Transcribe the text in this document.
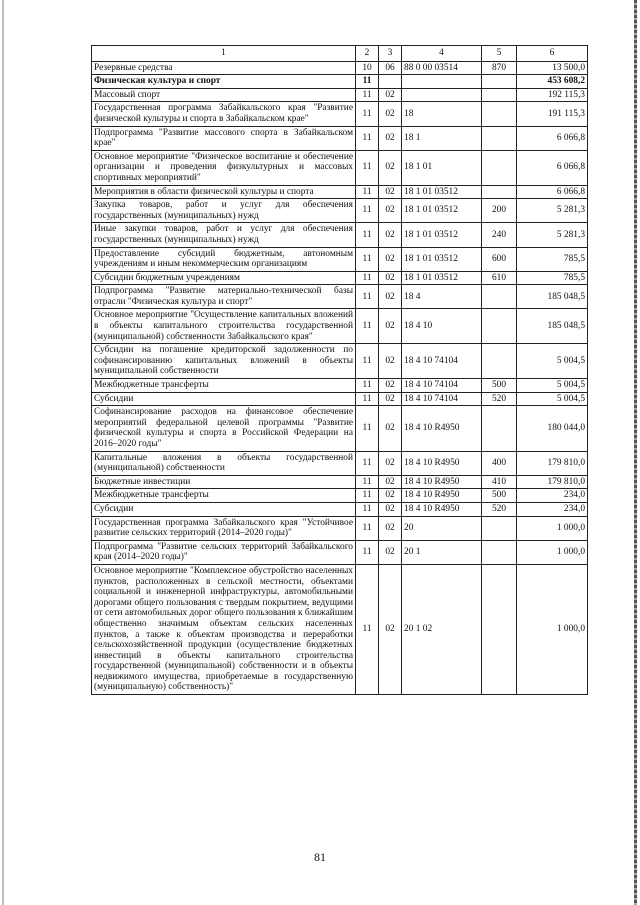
1	2	3	4	5	6
Резервные средства	10	06	88 0 00 03514	870	13 500,0
Физическая культура и спорт	11				453 608,2
Массовый спорт	11	02			192 115,3
Государственная программа Забайкальского края "Развитие физической культуры и спорта в Забайкальском крае"	11	02	18		191 115,3
Подпрограмма "Развитие массового спорта в Забайкальском крае"	11	02	18 1		6 066,8
Основное мероприятие "Физическое воспитание и обеспечение организации и проведения физкультурных и массовых спортивных мероприятий"	11	02	18 1 01		6 066,8
Мероприятия в области физической культуры и спорта	11	02	18 1 01 03512		6 066,8
Закупка товаров, работ и услуг для обеспечения государственных (муниципальных) нужд	11	02	18 1 01 03512	200	5 281,3
Иные закупки товаров, работ и услуг для обеспечения государственных (муниципальных) нужд	11	02	18 1 01 03512	240	5 281,3
Предоставление субсидий бюджетным, автономным учреждениям и иным некоммерческим организациям	11	02	18 1 01 03512	600	785,5
Субсидии бюджетным учреждениям	11	02	18 1 01 03512	610	785,5
Подпрограмма "Развитие материально-технической базы отрасли "Физическая культура и спорт"	11	02	18 4		185 048,5
Основное мероприятие "Осуществление капитальных вложений в объекты капитального строительства государственной (муниципальной) собственности Забайкальского края"	11	02	18 4 10		185 048,5
Субсидии на погашение кредиторской задолженности по софинансированию капитальных вложений в объекты муниципальной собственности	11	02	18 4 10 74104		5 004,5
Межбюджетные трансферты	11	02	18 4 10 74104	500	5 004,5
Субсидии	11	02	18 4 10 74104	520	5 004,5
Софинансирование расходов на финансовое обеспечение мероприятий федеральной целевой программы "Развитие физической культуры и спорта в Российской Федерации на 2016–2020 годы"	11	02	18 4 10 R4950		180 044,0
Капитальные вложения в объекты государственной (муниципальной) собственности	11	02	18 4 10 R4950	400	179 810,0
Бюджетные инвестиции	11	02	18 4 10 R4950	410	179 810,0
Межбюджетные трансферты	11	02	18 4 10 R4950	500	234,0
Субсидии	11	02	18 4 10 R4950	520	234,0
Государственная программа Забайкальского края "Устойчивое развитие сельских территорий (2014–2020 годы)"	11	02	20		1 000,0
Подпрограмма "Развитие сельских территорий Забайкальского края (2014–2020 годы)"	11	02	20 1		1 000,0
Основное мероприятие "Комплексное обустройство населенных пунктов, расположенных в сельской местности, объектами социальной и инженерной инфраструктуры, автомобильными дорогами общего пользования с твердым покрытием, ведущими от сети автомобильных дорог общего пользования к ближайшим общественно значимым объектам сельских населенных пунктов, а также к объектам производства и переработки сельскохозяйственной продукции (осуществление бюджетных инвестиций в объекты капитального строительства государственной (муниципальной) собственности и в объекты недвижимого имущества, приобретаемые в государственную (муниципальную) собственность)"	11	02	20 1 02		1 000,0
81
